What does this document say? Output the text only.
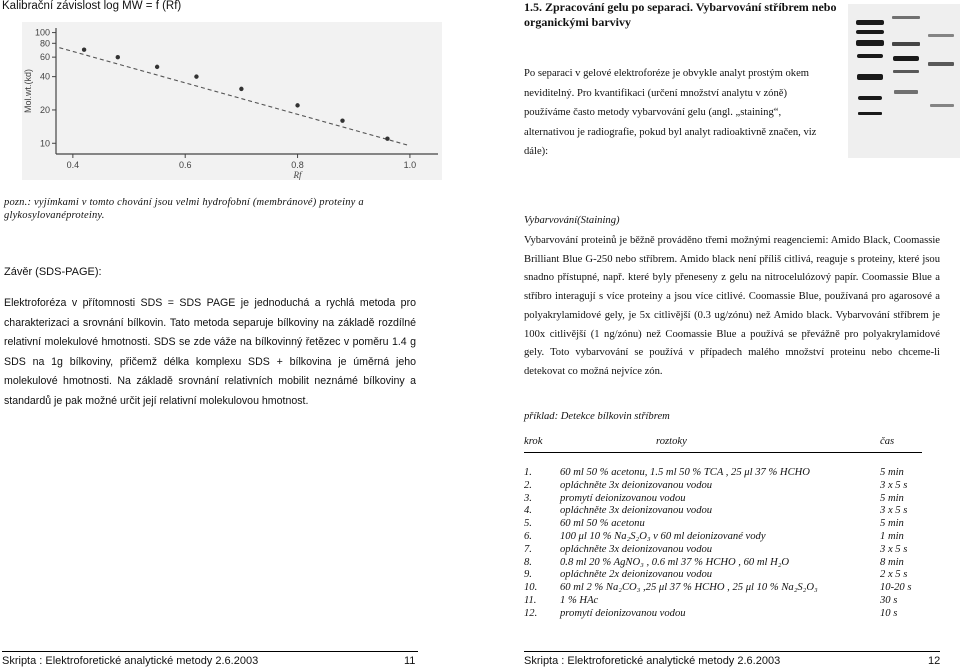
Kalibrační závislost log MW = f (Rf)
100
80
60
40
20
10
0.4	0.6	0.8	1.0
Mol.wt.(kd)
Rf
pozn.: vyjímkami v tomto chování jsou velmi hydrofobní (membránové) proteiny a glykosylovanéproteiny.
Závěr (SDS-PAGE):
Elektroforéza v přítomnosti SDS = SDS PAGE je jednoduchá a rychlá metoda pro charakterizaci a srovnání bílkovin. Tato metoda separuje bílkoviny na základě rozdílné relativní molekulové hmotnosti. SDS se zde váže na bílkovinný řetězec v poměru 1.4 g SDS na 1g bílkoviny, přičemž délka komplexu SDS + bílkovina je úměrná jeho molekulové hmotnosti. Na základě srovnání relativních mobilit neznámé bílkoviny a standardů je pak možné určit její relativní molekulovou hmotnost.
Skripta : Elektroforetické analytické metody 2.6.2003	11
1.5. Zpracování gelu po separaci. Vybarvování stříbrem nebo organickými barvivy
Po separaci v gelové elektroforéze je obvykle analyt prostým okem
neviditelný. Pro kvantifikaci (určení množství analytu v zóně)
používáme často metody vybarvování gelu (angl. „staining“,
alternativou je radiografie, pokud byl analyt radioaktivně značen, viz
dále):
Vybarvování(Staining)
Vybarvování proteinů je běžně prováděno třemi možnými reagenciemi: Amido Black, Coomassie Brilliant Blue G-250 nebo stříbrem. Amido black není příliš citlivá, reaguje s proteiny, které jsou snadno přístupné, např. které byly přeneseny z gelu na nitrocelulózový papír. Coomassie Blue a stříbro interagují s více proteiny a jsou více citlivé. Coomassie Blue, používaná pro agarosové a polyakrylamidové gely, je 5x citlivější (0.3 ug/zónu) než Amido black. Vybarvování stříbrem je 100x citlivější (1 ng/zónu) než Coomassie Blue a používá se převážně pro polyakrylamidové gely. Toto vybarvování se používá v případech malého množství proteinu nebo chceme-li detekovat co možná nejvíce zón.
příklad: Detekce bílkovin stříbrem
krok	roztoky	čas
1.	60 ml 50 % acetonu, 1.5 ml 50 % TCA , 25 μl 37 % HCHO	5 min
2.	opláchněte 3x deionizovanou vodou	3 x 5 s
3.	promytí deionizovanou vodou	5 min
4.	opláchněte 3x deionizovanou vodou	3 x 5 s
5.	60 ml 50 % acetonu	5 min
6.	100 μl 10 % Na₂S₂O₃ v 60 ml deionizované vody	1 min
7.	opláchněte 3x deionizovanou vodou	3 x 5 s
8.	0.8 ml 20 % AgNO₃ , 0.6 ml 37 % HCHO , 60 ml H₂O	8 min
9.	opláchněte 2x deionizovanou vodou	2 x 5 s
10. 60 ml 2 % Na₂CO₃ ,25 μl 37 % HCHO , 25 μl 10 % Na₂S₂O₃	10-20 s
11. 1 % HAc	30 s
12. promytí deionizovanou vodou	10 s
Skripta : Elektroforetické analytické metody 2.6.2003	12
